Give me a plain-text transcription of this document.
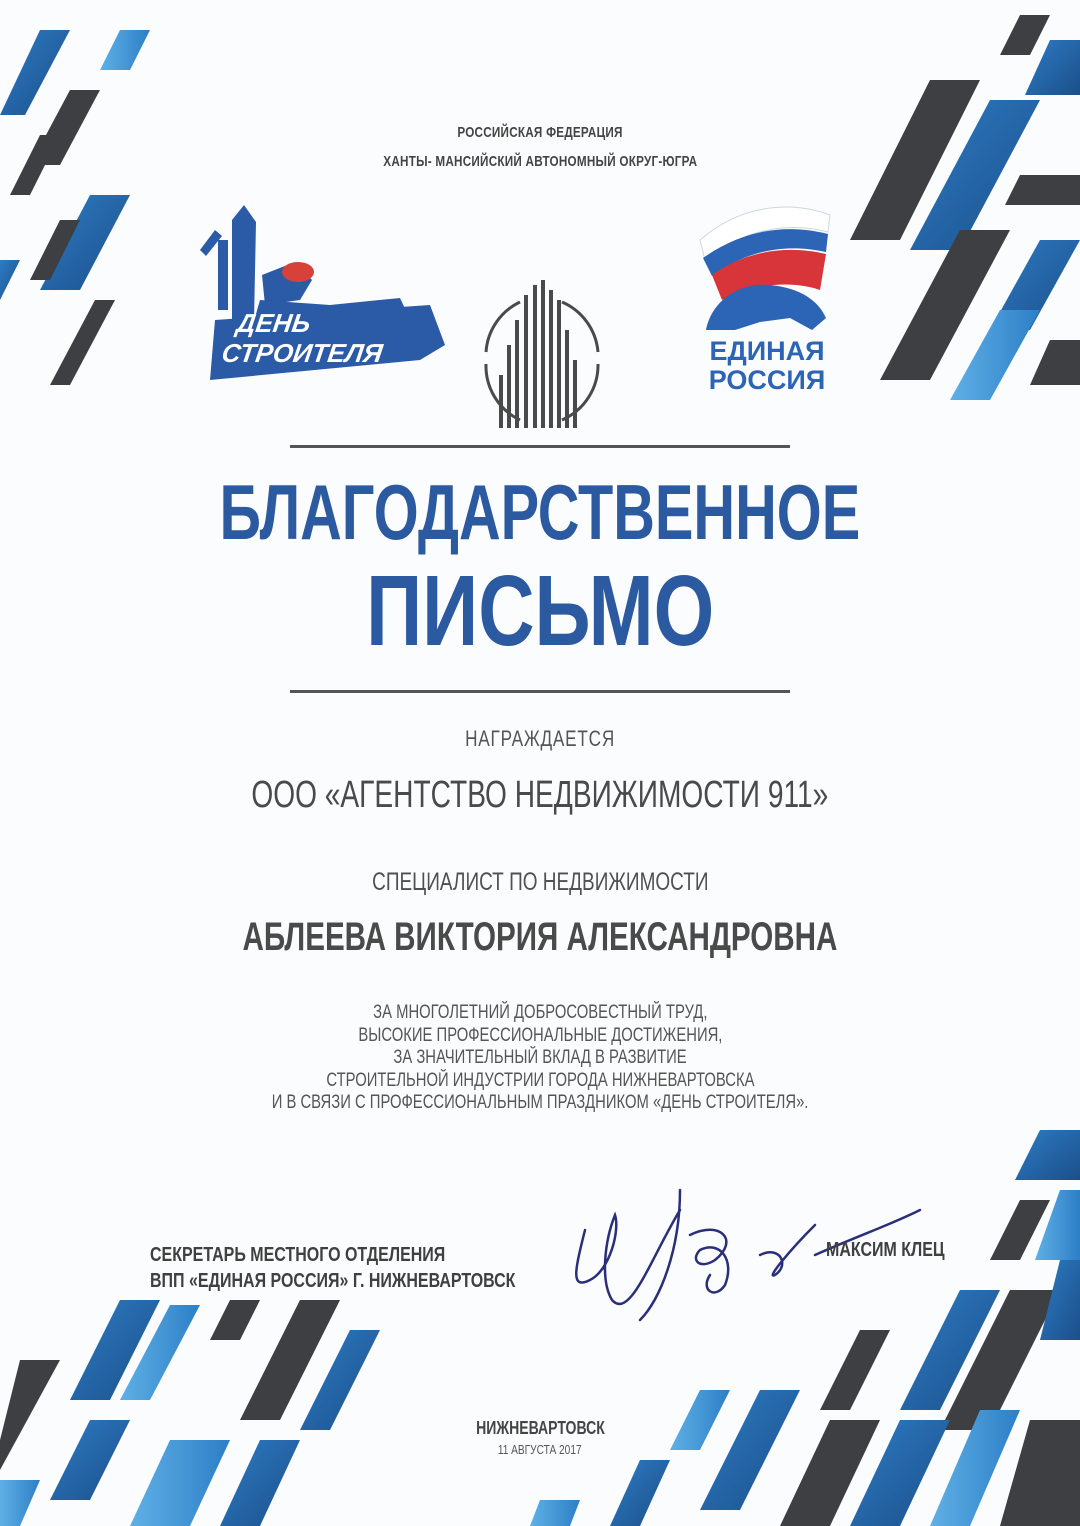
РОССИЙСКАЯ ФЕДЕРАЦИЯ

ХАНТЫ- МАНСИЙСКИЙ АВТОНОМНЫЙ ОКРУГ-ЮГРА

ДЕНЬ
СТРОИТЕЛЯ	ЕДИНАЯ
РОССИЯ

БЛАГОДАРСТВЕННОЕ

ПИСЬМО

НАГРАЖДАЕТСЯ

ООО «АГЕНТСТВО НЕДВИЖИМОСТИ 911»

СПЕЦИАЛИСТ ПО НЕДВИЖИМОСТИ

АБЛЕЕВА ВИКТОРИЯ АЛЕКСАНДРОВНА

ЗА МНОГОЛЕТНИЙ ДОБРОСОВЕСТНЫЙ ТРУД,
ВЫСОКИЕ ПРОФЕССИОНАЛЬНЫЕ ДОСТИЖЕНИЯ,
ЗА ЗНАЧИТЕЛЬНЫЙ ВКЛАД В РАЗВИТИЕ
СТРОИТЕЛЬНОЙ ИНДУСТРИИ ГОРОДА НИЖНЕВАРТОВСКА
И В СВЯЗИ С ПРОФЕССИОНАЛЬНЫМ ПРАЗДНИКОМ «ДЕНЬ СТРОИТЕЛЯ».
СЕКРЕТАРЬ МЕСТНОГО ОТДЕЛЕНИЯ
ВПП «ЕДИНАЯ РОССИЯ» Г. НИЖНЕВАРТОВСК
МАКСИМ КЛЕЦ

НИЖНЕВАРТОВСК

11 АВГУСТА 2017
